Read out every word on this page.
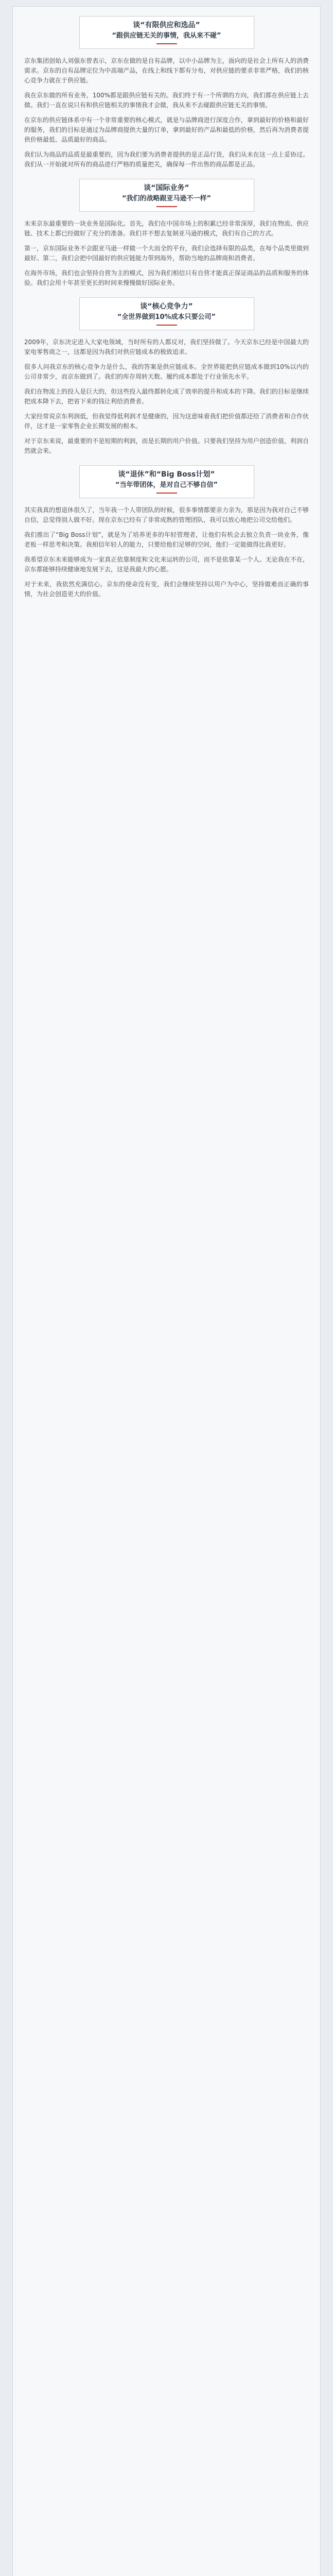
谈“有限供应和选品”
“跟供应链无关的事情，我从来不碰”

京东集团创始人刘强东曾表示，京东在做的是自有品牌，以中小品牌为主，面向的是社会上所有人的消费需求。京东的自有品牌定位为中高端产品，在线上和线下都有分布，对供应链的要求非常严格，我们的核心竞争力就在于供应链。

我在京东做的所有业务，100%都是跟供应链有关的。我们终于有一个所谓的方向，我们都在供应链上去做。我们一直在说只有和供应链相关的事情我才会做，我从来不去碰跟供应链无关的事情。

在京东的供应链体系中有一个非常重要的核心模式，就是与品牌商进行深度合作，拿到最好的价格和最好的服务，我们的目标是通过为品牌商提供大量的订单，拿到最好的产品和最低的价格，然后再为消费者提供价格最低、品质最好的商品。

我们认为商品的品质是最重要的，因为我们要为消费者提供的是正品行货，我们从未在这一点上妥协过。我们从一开始就对所有的商品进行严格的质量把关，确保每一件出售的商品都是正品。

谈“国际业务”
“我们的战略跟亚马逊不一样”

未来京东最重要的一块业务是国际化。首先，我们在中国市场上的积累已经非常深厚，我们在物流、供应链、技术上都已经做好了充分的准备。我们并不想去复制亚马逊的模式，我们有自己的方式。

第一，京东国际业务不会跟亚马逊一样做一个大而全的平台，我们会选择有限的品类，在每个品类里做到最好。第二，我们会把中国最好的供应链能力带到海外，帮助当地的品牌商和消费者。

在海外市场，我们也会坚持自营为主的模式，因为我们相信只有自营才能真正保证商品的品质和服务的体验。我们会用十年甚至更长的时间来慢慢做好国际业务。

谈“核心竞争力”
“全世界做到10%成本只要公司”

2009年，京东决定进入大家电领域，当时所有的人都反对，我们坚持做了。今天京东已经是中国最大的家电零售商之一，这都是因为我们对供应链成本的极致追求。

很多人问我京东的核心竞争力是什么，我的答案是供应链成本。全世界能把供应链成本做到10%以内的公司非常少，而京东做到了。我们的库存周转天数、履约成本都处于行业领先水平。

我们在物流上的投入是巨大的，但这些投入最终都转化成了效率的提升和成本的下降。我们的目标是继续把成本降下去，把省下来的钱让利给消费者。

大家经常说京东利润低，但我觉得低利润才是健康的，因为这意味着我们把价值都还给了消费者和合作伙伴，这才是一家零售企业长期发展的根本。

对于京东来说，最重要的不是短期的利润，而是长期的用户价值。只要我们坚持为用户创造价值，利润自然就会来。

谈“退休”和“Big Boss计划”
“当年带团体，是对自己不够自信”

其实我真的想退休很久了，当年我一个人带团队的时候，很多事情都要亲力亲为，那是因为我对自己不够自信，总觉得别人做不好。现在京东已经有了非常成熟的管理团队，我可以放心地把公司交给他们。

我们推出了“Big Boss计划”，就是为了培养更多的年轻管理者，让他们有机会去独立负责一块业务，像老板一样思考和决策。我相信年轻人的能力，只要给他们足够的空间，他们一定能做得比我更好。

我希望京东未来能够成为一家真正依靠制度和文化来运转的公司，而不是依靠某一个人。无论我在不在，京东都能够持续健康地发展下去，这是我最大的心愿。

对于未来，我依然充满信心。京东的使命没有变，我们会继续坚持以用户为中心，坚持做难而正确的事情，为社会创造更大的价值。
